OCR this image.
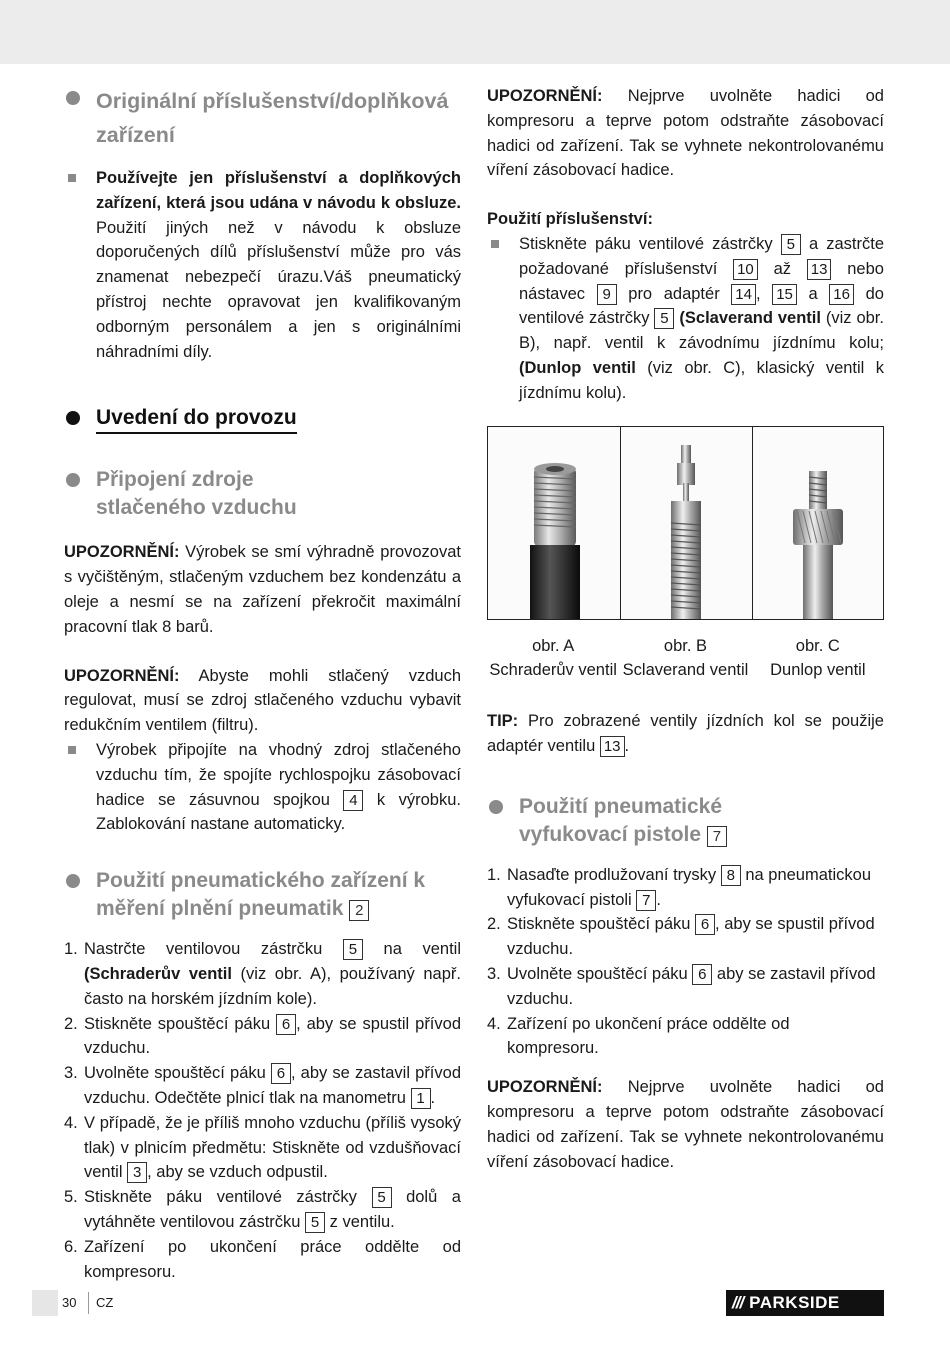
Originální příslušenství/doplňková zařízení
Používejte jen příslušenství a doplňkových zařízení, která jsou udána v návodu k obsluze. Použití jiných než v návodu k obsluze doporučených dílů příslušenství může pro vás znamenat nebezpečí úrazu.Váš pneumatický přístroj nechte opravovat jen kvalifikovaným odborným personálem a jen s originálními náhradními díly.
Uvedení do provozu
Připojení zdroje stlačeného vzduchu

UPOZORNĚNÍ: Výrobek se smí výhradně provozovat s vyčištěným, stlačeným vzduchem bez kondenzátu a oleje a nesmí se na zařízení překročit maximální pracovní tlak 8 barů.

UPOZORNĚNÍ: Abyste mohli stlačený vzduch regulovat, musí se zdroj stlačeného vzduchu vybavit redukčním ventilem (filtru).

Výrobek připojíte na vhodný zdroj stlačeného vzduchu tím, že spojíte rychlospojku zásobovací hadice se zásuvnou spojkou 4 k výrobku. Zablokování nastane automaticky.
Použití pneumatického zařízení k měření plnění pneumatik 2
1. Nastrčte ventilovou zástrčku 5 na ventil (Schraderův ventil (viz obr. A), používaný např. často na horském jízdním kole).
2. Stiskněte spouštěcí páku 6 , aby se spustil přívod vzduchu.
3. Uvolněte spouštěcí páku 6 , aby se zastavil přívod vzduchu. Odečtěte plnicí tlak na manometru 1 .
4. V případě, že je příliš mnoho vzduchu (příliš vysoký tlak) v plnicím předmětu: Stiskněte od vzdušňovací ventil 3 , aby se vzduch odpustil.
5. Stiskněte páku ventilové zástrčky 5 dolů a vytáhněte ventilovou zástrčku 5 z ventilu.
6. Zařízení po ukončení práce oddělte od kompresoru.

UPOZORNĚNÍ: Nejprve uvolněte hadici od kompresoru a teprve potom odstraňte zásobovací hadici od zařízení. Tak se vyhnete nekontrolovanému víření zásobovací hadice.

Použití příslušenství:

Stiskněte páku ventilové zástrčky 5 a zastrčte požadované příslušenství 10 až 13 nebo nástavec 9 pro adaptér 14 , 15 a 16 do ventilové zástrčky 5 (Sclaverand ventil (viz obr. B), např. ventil k závodnímu jízdnímu kolu; (Dunlop ventil (viz obr. C), klasický ventil k jízdnímu kolu).
obr. A
Schraderův ventil
obr. B
Sclaverand ventil
obr. C
Dunlop ventil

TIP: Pro zobrazené ventily jízdních kol se použije adaptér ventilu 13 .

Použití pneumatické vyfukovací pistole 7
1. Nasaďte prodlužovaní trysky 8 na pneumatickou vyfukovací pistoli 7 .
2. Stiskněte spouštěcí páku 6 , aby se spustil přívod vzduchu.
3. Uvolněte spouštěcí páku 6 aby se zastavil přívod vzduchu.
4. Zařízení po ukončení práce oddělte od kompresoru.

UPOZORNĚNÍ: Nejprve uvolněte hadici od kompresoru a teprve potom odstraňte zásobovací hadici od zařízení. Tak se vyhnete nekontrolovanému víření zásobovací hadice.

30 CZ	/// PARKSIDE
